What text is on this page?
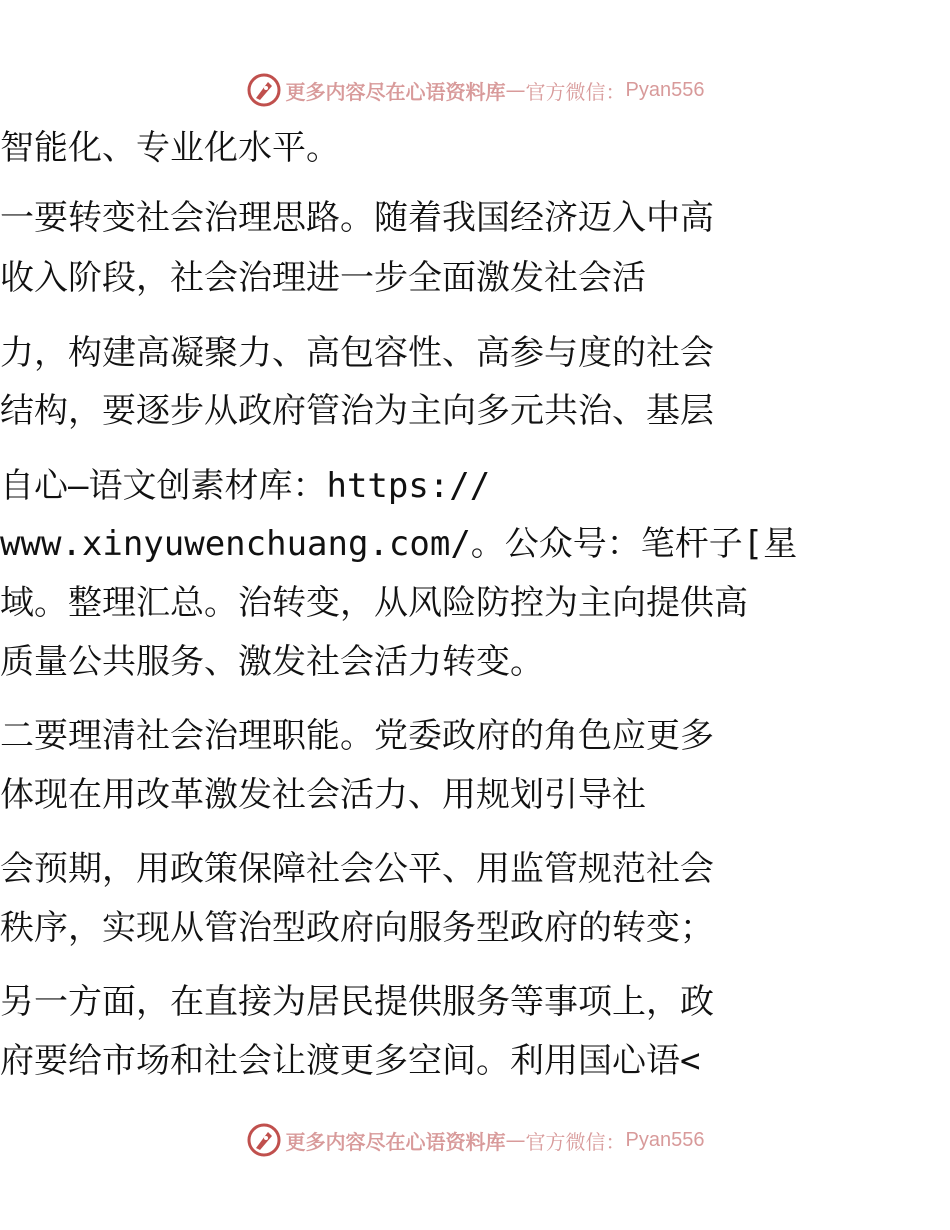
更多内容尽在心语资料库 — 官方微信： Pyan556
智能化、专业化水平。
一要转变社会治理思路。随着我国经济迈入中高
收入阶段，社会治理进一步全面激发社会活
力，构建高凝聚力、高包容性、高参与度的社会
结构，要逐步从政府管治为主向多元共治、基层
自心—语文创素材库：https://
www.xinyuwenchuang.com/。公众号：笔杆子[星
域。整理汇总。治转变，从风险防控为主向提供高
质量公共服务、激发社会活力转变。
二要理清社会治理职能。党委政府的角色应更多
体现在用改革激发社会活力、用规划引导社
会预期，用政策保障社会公平、用监管规范社会
秩序，实现从管治型政府向服务型政府的转变；
另一方面，在直接为居民提供服务等事项上，政
府要给市场和社会让渡更多空间。利用国心语<
更多内容尽在心语资料库 — 官方微信： Pyan556
